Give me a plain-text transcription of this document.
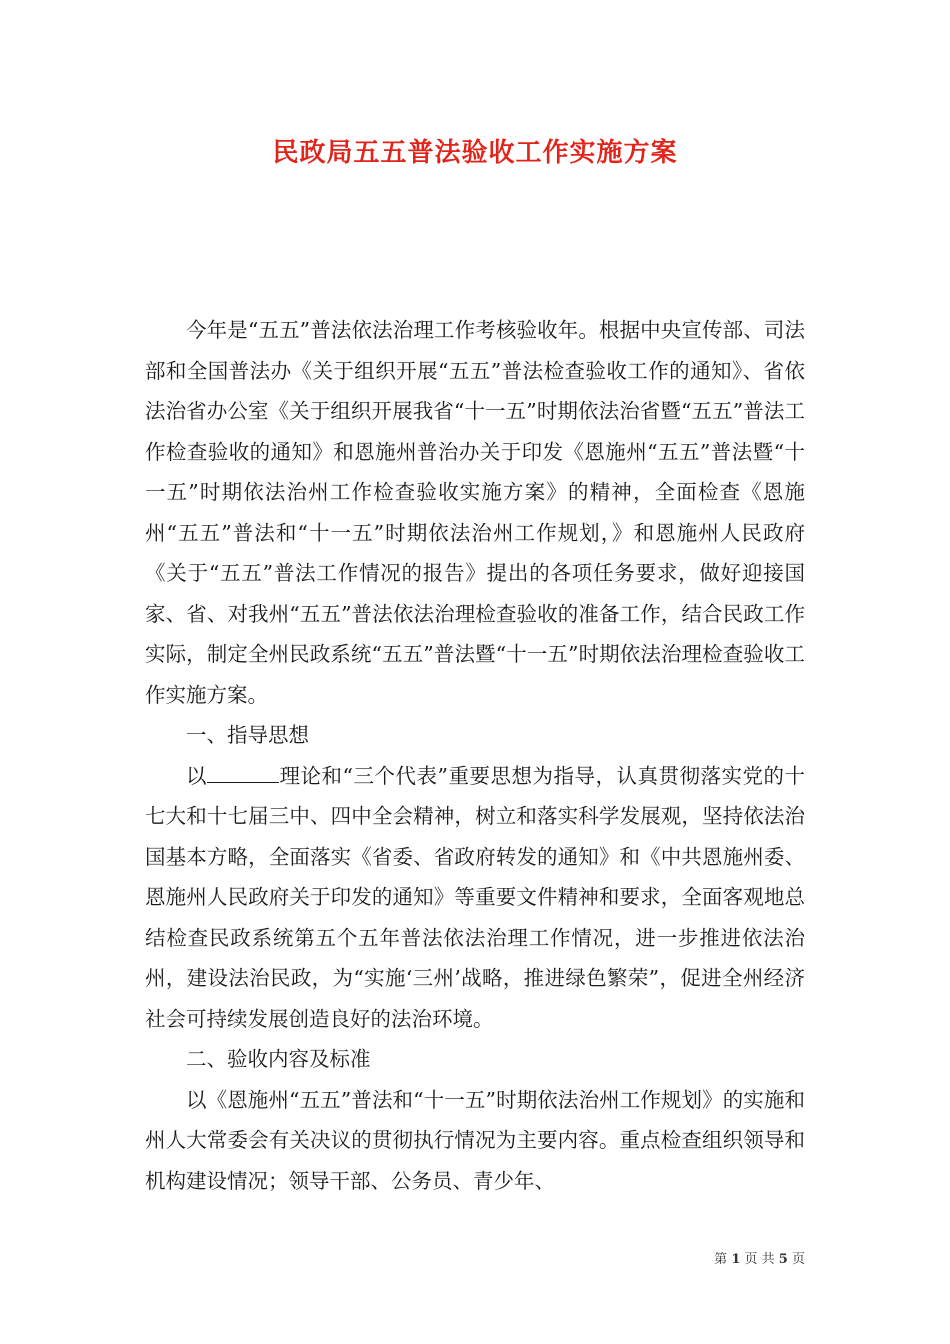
民政局五五普法验收工作实施方案

今年是“五五”普法依法治理工作考核验收年。根据中央宣传部、司法部和全国普法办《关于组织开展“五五”普法检查验收工作的通知》、省依法治省办公室《关于组织开展我省“十一五”时期依法治省暨“五五”普法工作检查验收的通知》和恩施州普治办关于印发《恩施州“五五”普法暨“十一五”时期依法治州工作检查验收实施方案》的精神，全面检查《恩施州“五五”普法和“十一五”时期依法治州工作规划，》和恩施州人民政府《关于“五五”普法工作情况的报告》提出的各项任务要求，做好迎接国家、省、对我州“五五”普法依法治理检查验收的准备工作，结合民政工作实际，制定全州民政系统“五五”普法暨“十一五”时期依法治理检查验收工作实施方案。

一、指导思想

以	理论和“三个代表”重要思想为指导，认真贯彻落实党的十七大和十七届三中、四中全会精神，树立和落实科学发展观，坚持依法治国基本方略，全面落实《省委、省政府转发的通知》和《中共恩施州委、恩施州人民政府关于印发的通知》等重要文件精神和要求，全面客观地总结检查民政系统第五个五年普法依法治理工作情况，进一步推进依法治州，建设法治民政，为“实施‘三州’战略，推进绿色繁荣”，促进全州经济社会可持续发展创造良好的法治环境。

二、验收内容及标准

以《恩施州“五五”普法和“十一五”时期依法治州工作规划》的实施和州人大常委会有关决议的贯彻执行情况为主要内容。重点检查组织领导和机构建设情况；领导干部、公务员、青少年、

第 1 页 共 5 页
